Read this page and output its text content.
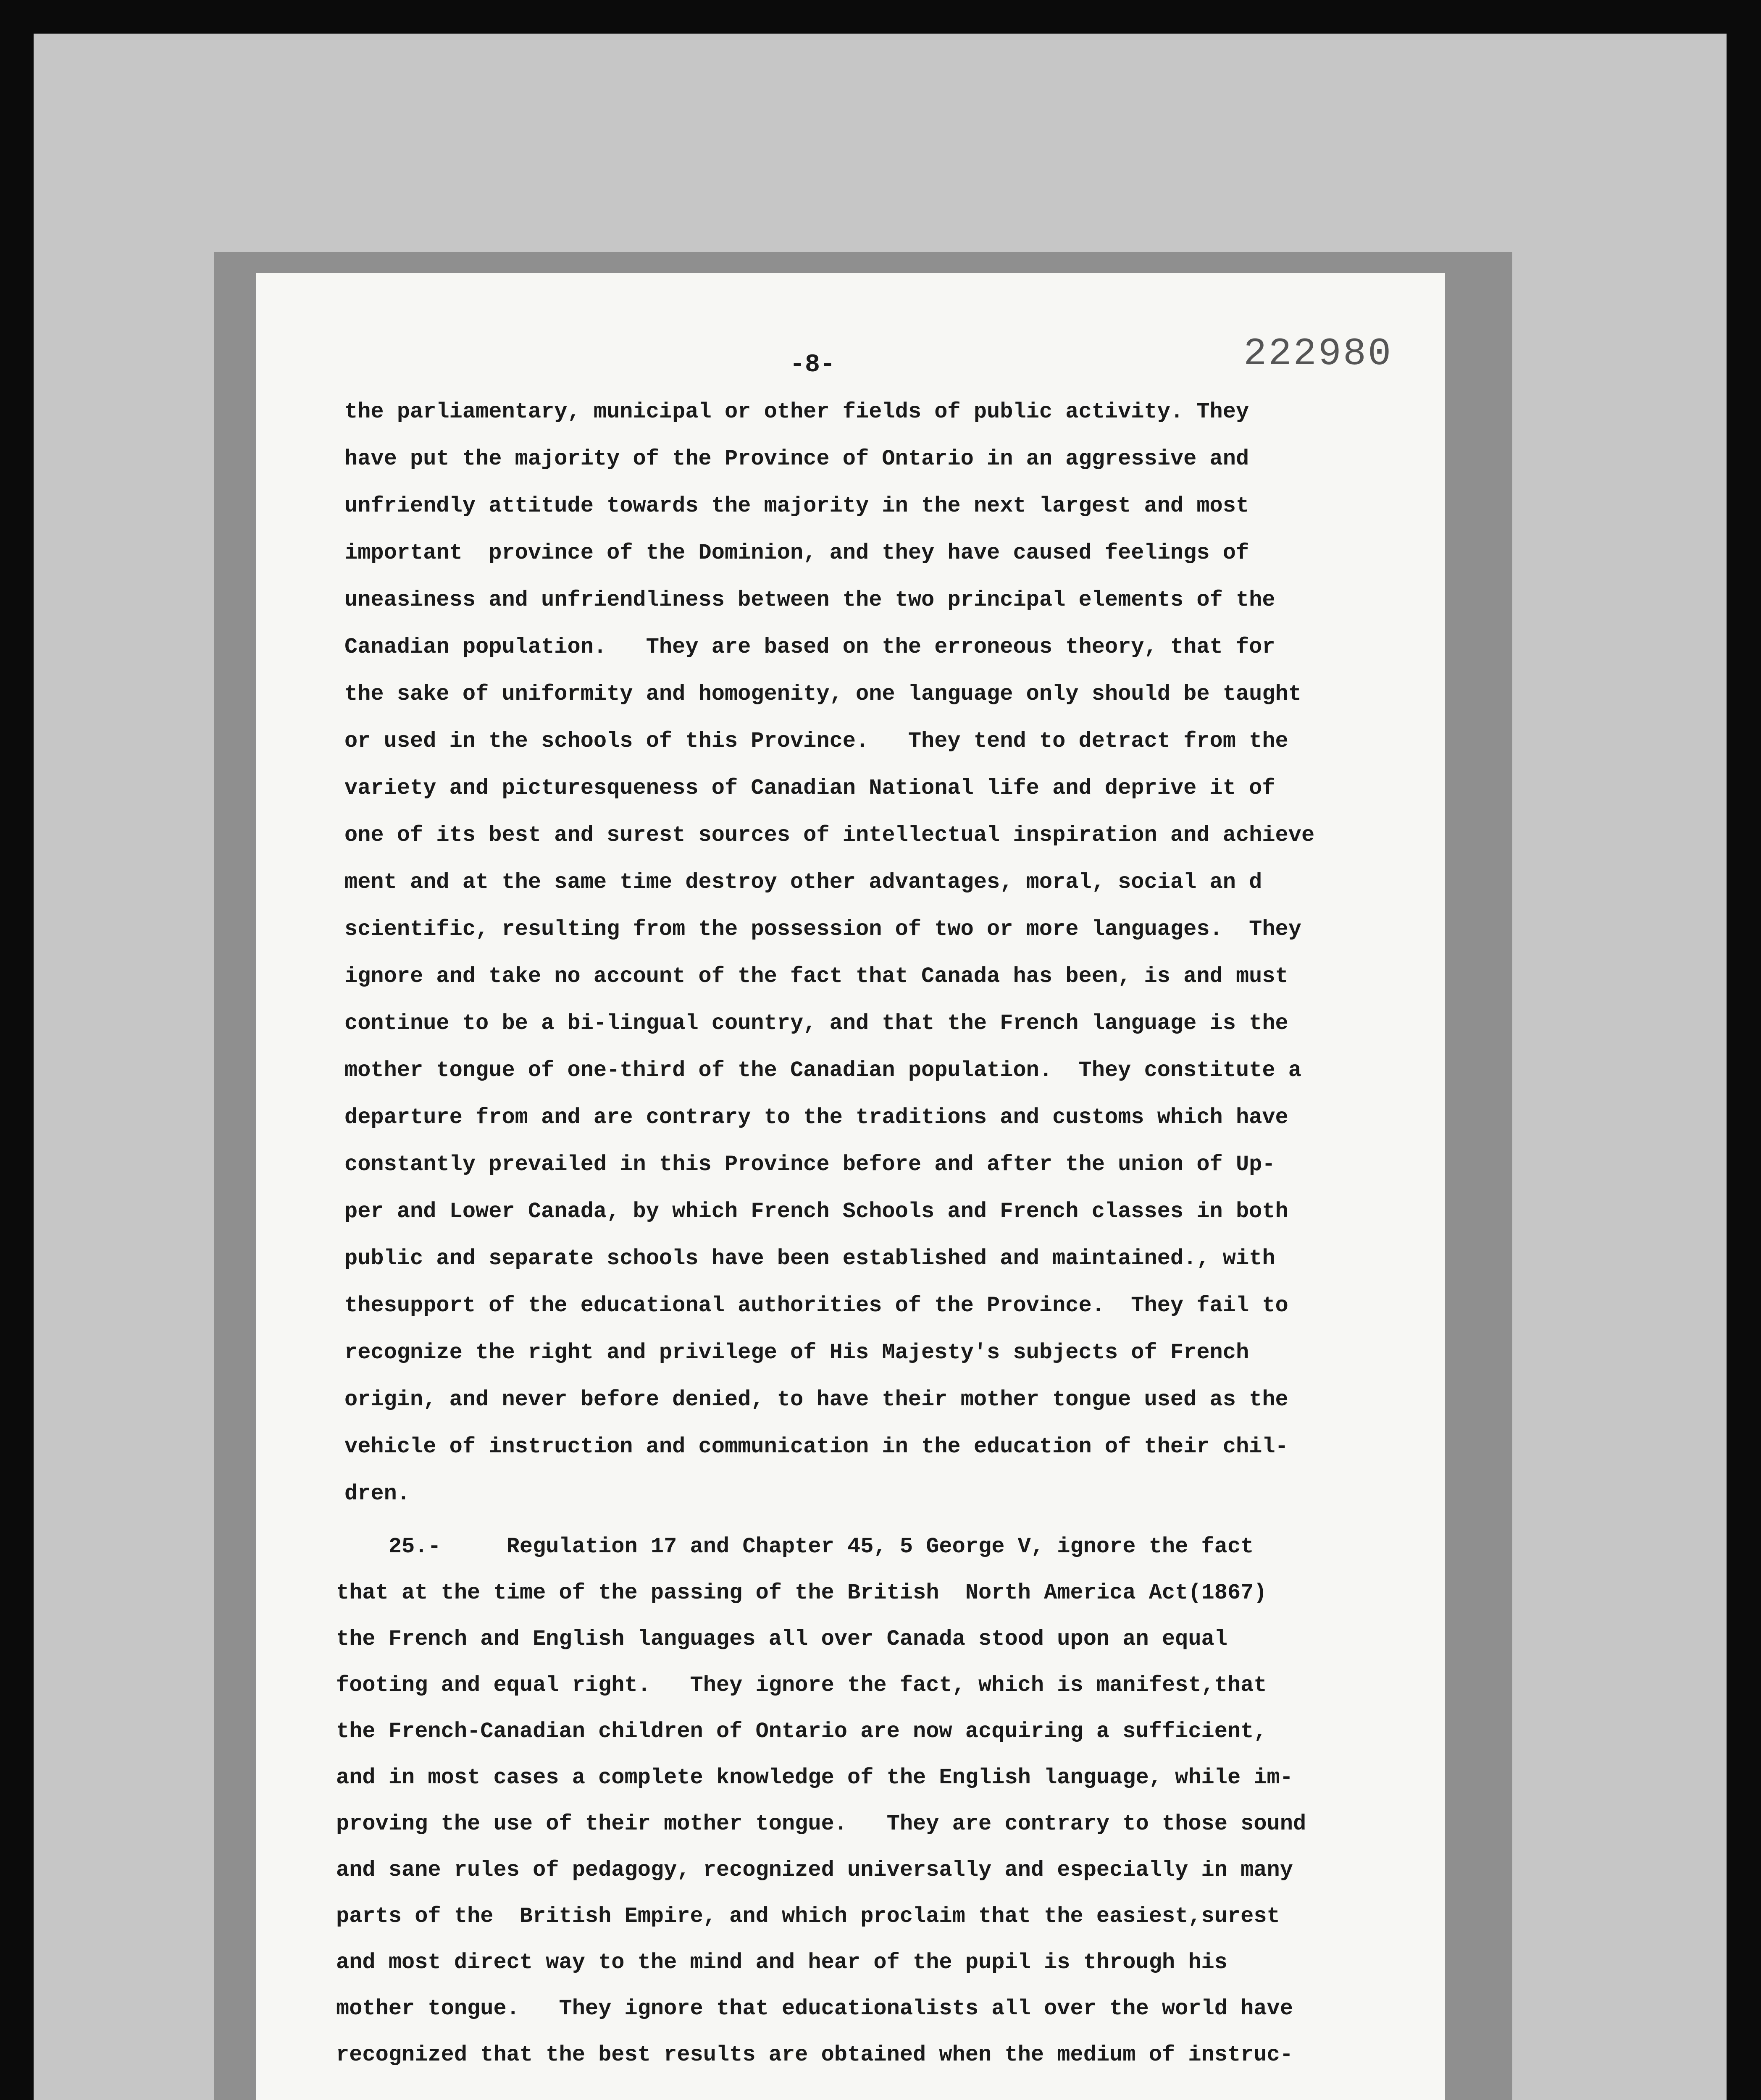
-8-	222980
the parliamentary, municipal or other fields of public activity. They
have put the majority of the Province of Ontario in an aggressive and
unfriendly attitude towards the majority in the next largest and most
important  province of the Dominion, and they have caused feelings of
uneasiness and unfriendliness between the two principal elements of the
Canadian population.   They are based on the erroneous theory, that for
the sake of uniformity and homogenity, one language only should be taught
or used in the schools of this Province.   They tend to detract from the
variety and picturesqueness of Canadian National life and deprive it of
one of its best and surest sources of intellectual inspiration and achieve
ment and at the same time destroy other advantages, moral, social an d
scientific, resulting from the possession of two or more languages.  They
ignore and take no account of the fact that Canada has been, is and must
continue to be a bi-lingual country, and that the French language is the
mother tongue of one-third of the Canadian population.  They constitute a
departure from and are contrary to the traditions and customs which have
constantly prevailed in this Province before and after the union of Up-
per and Lower Canada, by which French Schools and French classes in both
public and separate schools have been established and maintained., with
thesupport of the educational authorities of the Province.  They fail to
recognize the right and privilege of His Majesty's subjects of French
origin, and never before denied, to have their mother tongue used as the
vehicle of instruction and communication in the education of their chil-
dren.
25.-     Regulation 17 and Chapter 45, 5 George V, ignore the fact
that at the time of the passing of the British  North America Act(1867)
the French and English languages all over Canada stood upon an equal
footing and equal right.   They ignore the fact, which is manifest,that
the French-Canadian children of Ontario are now acquiring a sufficient,
and in most cases a complete knowledge of the English language, while im-
proving the use of their mother tongue.   They are contrary to those sound
and sane rules of pedagogy, recognized universally and especially in many
parts of the  British Empire, and which proclaim that the easiest,surest
and most direct way to the mind and hear of the pupil is through his
mother tongue.   They ignore that educationalists all over the world have
recognized that the best results are obtained when the medium of instruc-
